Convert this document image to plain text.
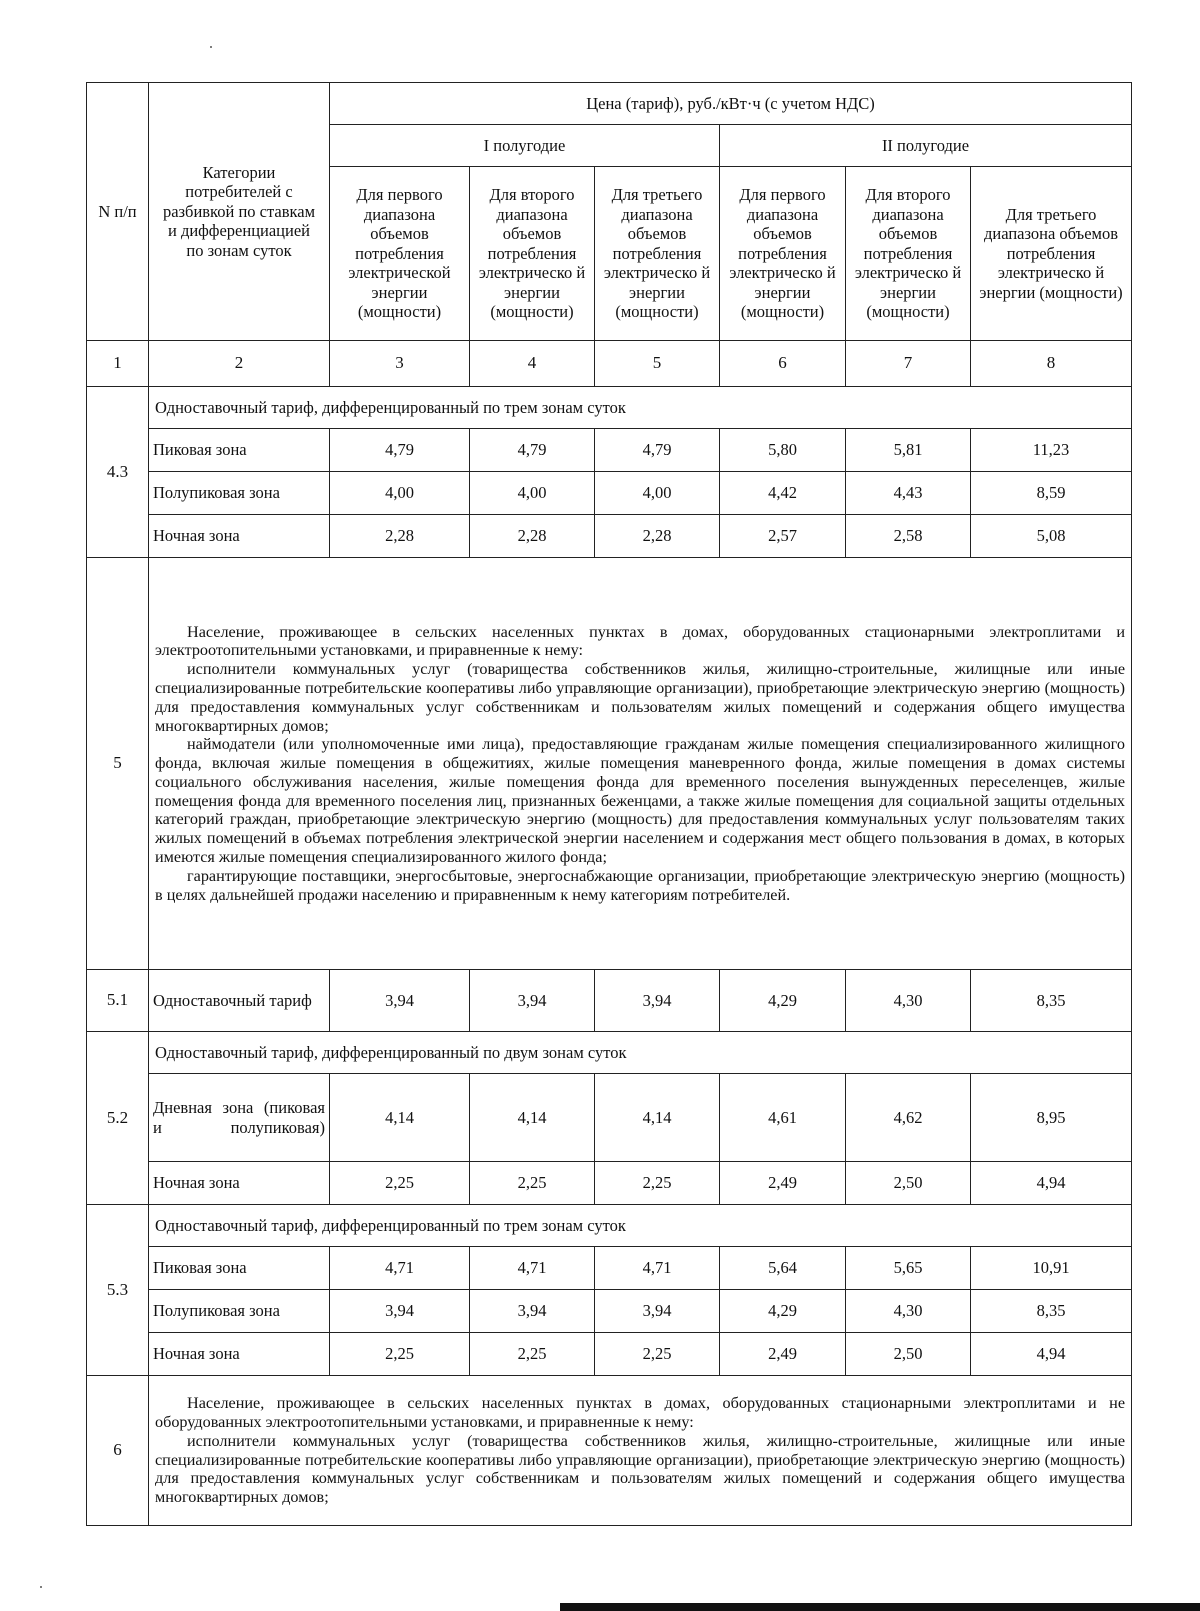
N п/п	Категории потребителей с разбивкой по ставкам и дифференциацией по зонам суток	Цена (тариф), руб./кВт·ч (с учетом НДС)					
		I полугодие			II полугодие		
		Для первого диапазона объемов потребления электрической энергии (мощности)	Для второго диапазона объемов потребления электрическо й энергии (мощности)	Для третьего диапазона объемов потребления электрическо й энергии (мощности)	Для первого диапазона объемов потребления электрическо й энергии (мощности)	Для второго диапазона объемов потребления электрическо й энергии (мощности)	Для третьего диапазона объемов потребления электрическо й энергии (мощности)
1	2	3	4	5	6	7	8
4.3	Одноставочный тариф, дифференцированный по трем зонам суток						
	Пиковая зона	4,79	4,79	4,79	5,80	5,81	11,23
	Полупиковая зона	4,00	4,00	4,00	4,42	4,43	8,59
	Ночная зона	2,28	2,28	2,28	2,57	2,58	5,08
5	Население, проживающее в сельских населенных пунктах в домах, оборудованных стационарными электроплитами и электроотопительными установками, и приравненные к нему:

исполнители коммунальных услуг (товарищества собственников жилья, жилищно-строительные, жилищные или иные специализированные потребительские кооперативы либо управляющие организации), приобретающие электрическую энергию (мощность) для предоставления коммунальных услуг собственникам и пользователям жилых помещений и содержания общего имущества многоквартирных домов;

наймодатели (или уполномоченные ими лица), предоставляющие гражданам жилые помещения специализированного жилищного фонда, включая жилые помещения в общежитиях, жилые помещения маневренного фонда, жилые помещения в домах системы социального обслуживания населения, жилые помещения фонда для временного поселения вынужденных переселенцев, жилые помещения фонда для временного поселения лиц, признанных беженцами, а также жилые помещения для социальной защиты отдельных категорий граждан, приобретающие электрическую энергию (мощность) для предоставления коммунальных услуг пользователям таких жилых помещений в объемах потребления электрической энергии населением и содержания мест общего пользования в домах, в которых имеются жилые помещения специализированного жилого фонда;

гарантирующие поставщики, энергосбытовые, энергоснабжающие организации, приобретающие электрическую энергию (мощность) в целях дальнейшей продажи населению и приравненным к нему категориям потребителей.						

5.1	Одноставочный тариф	3,94	3,94	3,94	4,29	4,30	8,35
5.2	Одноставочный тариф, дифференцированный по двум зонам суток						
	Дневная зона (пиковая и полупиковая)	4,14	4,14	4,14	4,61	4,62	8,95
	Ночная зона	2,25	2,25	2,25	2,49	2,50	4,94
5.3	Одноставочный тариф, дифференцированный по трем зонам суток						
	Пиковая зона	4,71	4,71	4,71	5,64	5,65	10,91
	Полупиковая зона	3,94	3,94	3,94	4,29	4,30	8,35
	Ночная зона	2,25	2,25	2,25	2,49	2,50	4,94
6	Население, проживающее в сельских населенных пунктах в домах, оборудованных стационарными электроплитами и не оборудованных электроотопительными установками, и приравненные к нему:

исполнители коммунальных услуг (товарищества собственников жилья, жилищно-строительные, жилищные или иные специализированные потребительские кооперативы либо управляющие организации), приобретающие электрическую энергию (мощность) для предоставления коммунальных услуг собственникам и пользователям жилых помещений и содержания общего имущества многоквартирных домов;						
